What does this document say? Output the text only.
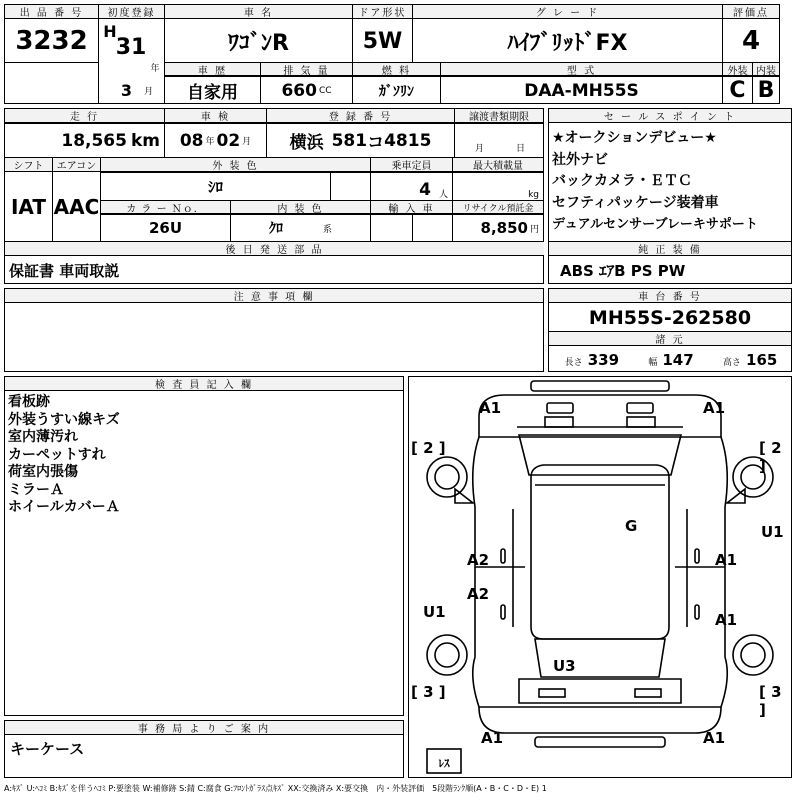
出 品 番 号	初度登録	車 名	ドア形状	グ レ ー ド	評価点
3232 H
31
年
ﾜｺﾞﾝR	5W	ﾊｲﾌﾞﾘｯﾄﾞFX	4
車 歴	排 気 量	燃 料	型 式	外装 内装
3 月	自家用	660 CC	ｶﾞｿﾘﾝ	DAA-MH55S	C B
走 行	車 検	登 録 番 号	譲渡書類期限
18,565 km 08 年 02 月 横浜 581 コ 4815	月	日
シフト	エアコン	外 装 色	乗車定員	最大積載量
IAT AAC
ｼﾛ	4 人	kg
カ ラ ー Ｎｏ．	内 装 色	輸 入 車	リサイクル預託金
26U	ｸﾛ	系	8,850 円
後 日 発 送 部 品
保証書 車両取説
セ ー ル ス ポ イ ン ト
★オークションデビュー★
社外ナビ
バックカメラ・ＥＴＣ
セフティパッケージ装着車
デュアルセンサーブレーキサポート
純 正 装 備
ABS ｴｱB PS PW
注 意 事 項 欄	車 台 番 号
MH55S-262580
諸 元
長さ 339	幅 147	高さ 165
検 査 員 記 入 欄
看板跡
外装うすい線キズ
室内薄汚れ
カーペットすれ
荷室内張傷
ミラーＡ
ホイールカバーＡ
事 務 局 よ り ご 案 内
キーケース
A1	A1
[ 2 ]	[ 2 ]
G	U1
A2	A1
A2
U1	A1
U3
[ 3 ]	[ 3 ]
A1	A1
ﾚｽ
A:ｷｽﾞ U:ﾍｺﾐ B:ｷｽﾞを伴うﾍｺﾐ P:要塗装 W:補修跡 S:錆 C:腐食 G:ﾌﾛﾝﾄｶﾞﾗｽ点ｷｽﾞ XX:交換済み X:要交換　内・外装評価　5段階ﾗﾝｸ順(A・B・C・D・E) 1
